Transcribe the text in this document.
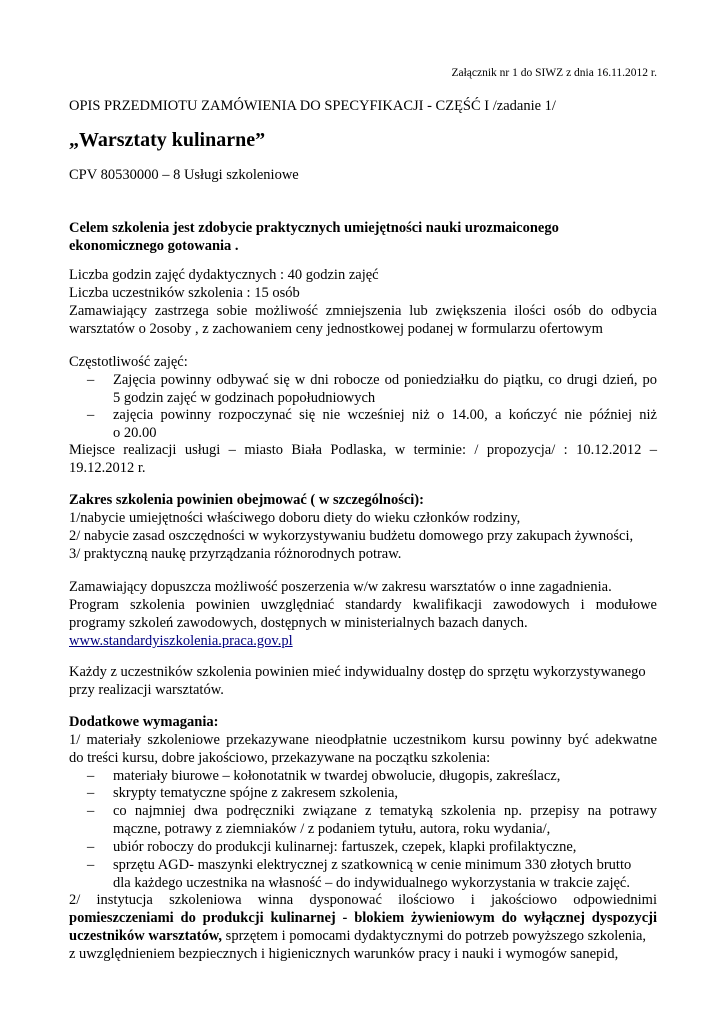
Załącznik nr 1 do SIWZ z dnia 16.11.2012 r.
OPIS PRZEDMIOTU ZAMÓWIENIA DO SPECYFIKACJI - CZĘŚĆ I /zadanie 1/
„Warsztaty kulinarne”
CPV 80530000 – 8 Usługi szkoleniowe
Celem szkolenia jest zdobycie praktycznych umiejętności nauki urozmaiconego
ekonomicznego gotowania .
Liczba godzin zajęć dydaktycznych : 40 godzin zajęć
Liczba uczestników szkolenia : 15 osób
Zamawiający zastrzega sobie możliwość zmniejszenia lub zwiększenia ilości osób do odbycia
warsztatów o 2osoby , z zachowaniem ceny jednostkowej podanej w formularzu ofertowym
Częstotliwość zajęć:
– Zajęcia powinny odbywać się w dni robocze od poniedziałku do piątku, co drugi dzień, po
5 godzin zajęć w godzinach popołudniowych
– zajęcia powinny rozpoczynać się nie wcześniej niż o 14.00, a kończyć nie później niż
o 20.00
Miejsce realizacji usługi – miasto Biała Podlaska, w terminie: / propozycja/ : 10.12.2012 –
19.12.2012 r.
Zakres szkolenia powinien obejmować ( w szczególności):
1/nabycie umiejętności właściwego doboru diety do wieku członków rodziny,
2/ nabycie zasad oszczędności w wykorzystywaniu budżetu domowego przy zakupach żywności,
3/ praktyczną naukę przyrządzania różnorodnych potraw.
Zamawiający dopuszcza możliwość poszerzenia w/w zakresu warsztatów o inne zagadnienia.
Program szkolenia powinien uwzględniać standardy kwalifikacji zawodowych i modułowe
programy szkoleń zawodowych, dostępnych w ministerialnych bazach danych.
www.standardyiszkolenia.praca.gov.pl
Każdy z uczestników szkolenia powinien mieć indywidualny dostęp do sprzętu wykorzystywanego
przy realizacji warsztatów.
Dodatkowe wymagania:
1/ materiały szkoleniowe przekazywane nieodpłatnie uczestnikom kursu powinny być adekwatne
do treści kursu, dobre jakościowo, przekazywane na początku szkolenia:
– materiały biurowe – kołonotatnik w twardej obwolucie, długopis, zakreślacz,
– skrypty tematyczne spójne z zakresem szkolenia,
– co najmniej dwa podręczniki związane z tematyką szkolenia np. przepisy na potrawy
mączne, potrawy z ziemniaków / z podaniem tytułu, autora, roku wydania/,
– ubiór roboczy do produkcji kulinarnej: fartuszek, czepek, klapki profilaktyczne,
– sprzętu AGD- maszynki elektrycznej z szatkownicą w cenie minimum 330 złotych brutto
dla każdego uczestnika na własność – do indywidualnego wykorzystania w trakcie zajęć.
2/ instytucja szkoleniowa winna dysponować ilościowo i jakościowo odpowiednimi
pomieszczeniami do produkcji kulinarnej - blokiem żywieniowym do wyłącznej dyspozycji
uczestników warsztatów, sprzętem i pomocami dydaktycznymi do potrzeb powyższego szkolenia,
z uwzględnieniem bezpiecznych i higienicznych warunków pracy i nauki i wymogów sanepid,
